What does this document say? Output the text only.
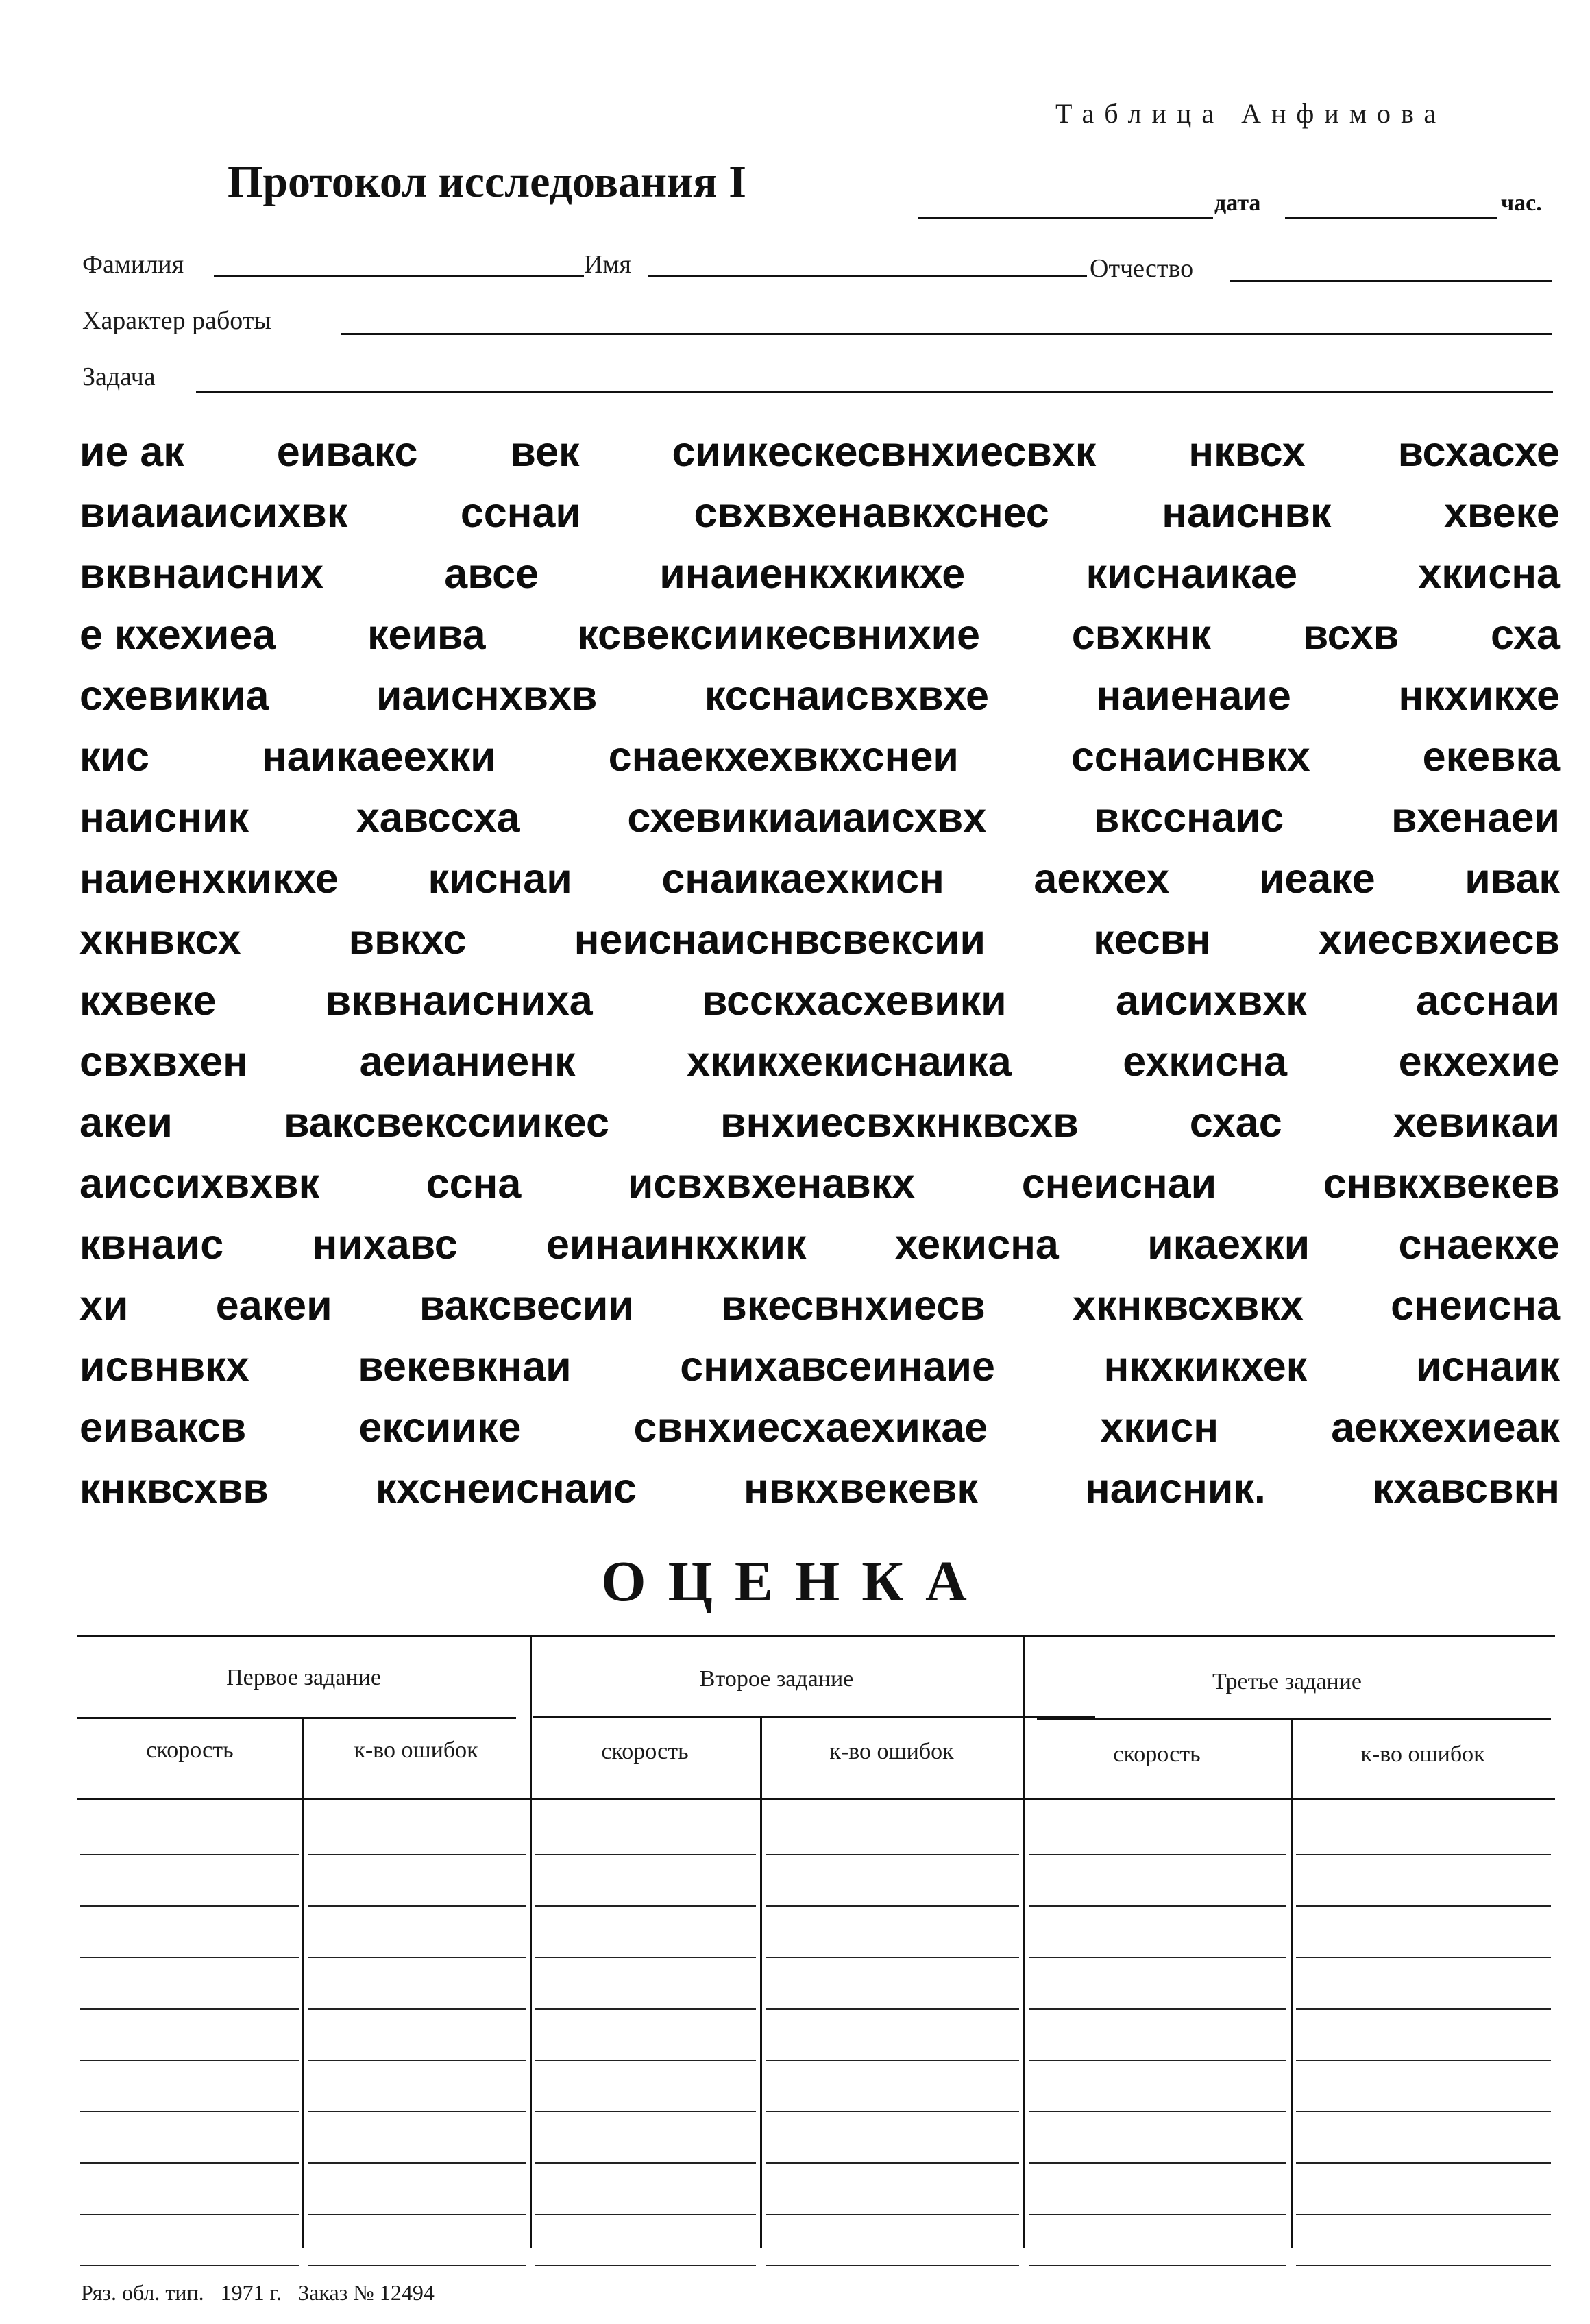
Таблица Анфимова
Протокол исследования I	дата	час.
Фамилия	Имя	Отчество
Характер работы
Задача
ие ак еивакс век сиикескесвнхиесвхк нквсх всхасхе
виаиаисихвк	сснаи	свхвхенавкхснес	наиснвк	хвеке
вквнаисниx	авсе	инаиенкхкикхе	киснаикае	хкисна
е кхехиеа кеива ксвексиикесвнихие свхкнк всхв сха
схевикиа	иаиснхвхв	ксснаисвхвхе	наиенаие	нкхикхе
кис	наикаеехки	снаекхехвкхснеи	сснаиснвкх	екевка
наисник	хавссха	схевикиаиаисхвх	вксснаис	вхенаеи
наиенхкикхе киснаи снаикаехкисн аекхех иеаке ивак
хкнвксх	ввкхс	неиснаиснвсвексии	кесвн	хиесвхиесв
кхвеке	вквнаисниха	всскхасхевики	аисихвхк	асснаи
свхвхен	аеианиенк	хкикхекиснаика	ехкисна	екхехие
акеи	ваксвекссиикес	внхиесвхкнквсхв	схас	хевикаи
аиссихвхвк	ссна	исвхвхенавкх	снеиснаи	снвкхвекев
квнаис нихавс еинаинкхкик хекисна икаехки снаекхе
хи еакеи ваксвесии вкесвнхиесв хкнквсхвкх снеисна
исвнвкх	векевкнаи	снихавсеинаие	нкхкикхек	иснаик
еиваксв	ексиике	свнхиесхаехикае	хкисн	аекхехиеак
кнквсхвв	кхснеиснаис	нвкхвекевк	наисник.	кхавсвкн
ОЦЕНКА
Первое задание	Второе задание	Третье задание
скорость	к-во ошибок	скорость	к-во ошибок	скорость	к-во ошибок
Ряз. обл. тип.   1971 г.   Заказ № 12494
